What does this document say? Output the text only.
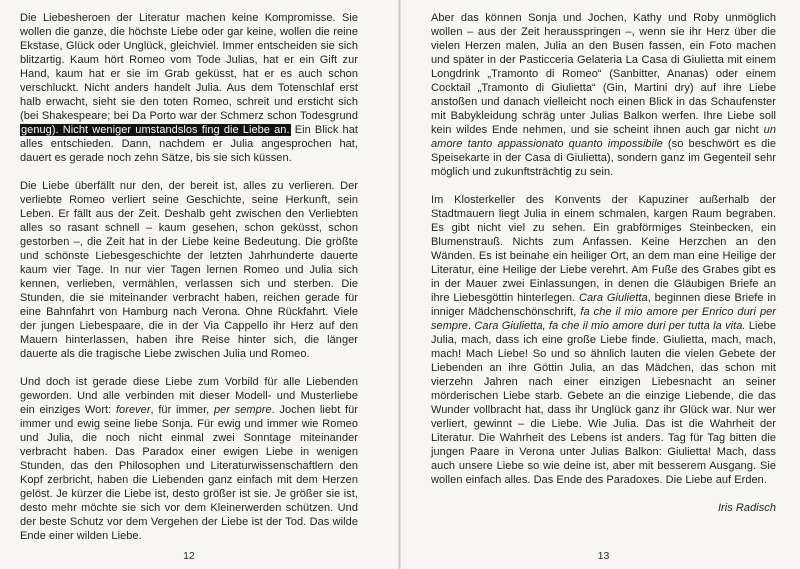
Die Liebesheroen der Literatur machen keine Kompromisse. Sie wollen die ganze, die höchste Liebe oder gar keine, wollen die reine Ekstase, Glück oder Unglück, gleichviel. Immer entscheiden sie sich blitzartig. Kaum hört Romeo vom Tode Julias, hat er ein Gift zur Hand, kaum hat er sie im Grab geküsst, hat er es auch schon verschluckt. Nicht anders handelt Julia. Aus dem Totenschlaf erst halb erwacht, sieht sie den toten Romeo, schreit und ersticht sich (bei Shakespeare; bei Da Porto war der Schmerz schon Todesgrund genug). Nicht weniger umstandslos fing die Liebe an. Ein Blick hat alles entschieden. Dann, nachdem er Julia angesprochen hat, dauert es gerade noch zehn Sätze, bis sie sich küssen.

Die Liebe überfällt nur den, der bereit ist, alles zu verlieren. Der verliebte Romeo verliert seine Geschichte, seine Herkunft, sein Leben. Er fällt aus der Zeit. Deshalb geht zwischen den Verliebten alles so rasant schnell – kaum gesehen, schon geküsst, schon gestorben –, die Zeit hat in der Liebe keine Bedeutung. Die größte und schönste Liebesgeschichte der letzten Jahrhunderte dauerte kaum vier Tage. In nur vier Tagen lernen Romeo und Julia sich kennen, verlieben, vermählen, verlassen sich und sterben. Die Stunden, die sie miteinander verbracht haben, reichen gerade für eine Bahnfahrt von Hamburg nach Verona. Ohne Rückfahrt. Viele der jungen Liebespaare, die in der Via Cappello ihr Herz auf den Mauern hinterlassen, haben ihre Reise hinter sich, die länger dauerte als die tragische Liebe zwischen Julia und Romeo.

Und doch ist gerade diese Liebe zum Vorbild für alle Liebenden geworden. Und alle verbinden mit dieser Modell- und Musterliebe ein einziges Wort: forever, für immer, per sempre. Jochen liebt für immer und ewig seine liebe Sonja. Für ewig und immer wie Romeo und Julia, die noch nicht einmal zwei Sonntage miteinander verbracht haben. Das Paradox einer ewigen Liebe in wenigen Stunden, das den Philosophen und Literaturwissenschaftlern den Kopf zerbricht, haben die Liebenden ganz einfach mit dem Herzen gelöst. Je kürzer die Liebe ist, desto größer ist sie. Je größer sie ist, desto mehr möchte sie sich vor dem Kleinerwerden schützen. Und der beste Schutz vor dem Vergehen der Liebe ist der Tod. Das wilde Ende einer wilden Liebe.

12

Aber das können Sonja und Jochen, Kathy und Roby unmöglich wollen – aus der Zeit herausspringen –, wenn sie ihr Herz über die vielen Herzen malen, Julia an den Busen fassen, ein Foto machen und später in der Pasticceria Gelateria La Casa di Giulietta mit einem Longdrink „Tramonto di Romeo“ (Sanbitter, Ananas) oder einem Cocktail „Tramonto di Giulietta“ (Gin, Martini dry) auf ihre Liebe anstoßen und danach vielleicht noch einen Blick in das Schaufenster mit Babykleidung schräg unter Julias Balkon werfen. Ihre Liebe soll kein wildes Ende nehmen, und sie scheint ihnen auch gar nicht un amore tanto appassionato quanto impossibile (so beschwört es die Speisekarte in der Casa di Giulietta), sondern ganz im Gegenteil sehr möglich und zukunftsträchtig zu sein.

Im Klosterkeller des Konvents der Kapuziner außerhalb der Stadtmauern liegt Julia in einem schmalen, kargen Raum begraben. Es gibt nicht viel zu sehen. Ein grabförmiges Steinbecken, ein Blumenstrauß. Nichts zum Anfassen. Keine Herzchen an den Wänden. Es ist beinahe ein heiliger Ort, an dem man eine Heilige der Literatur, eine Heilige der Liebe verehrt. Am Fuße des Grabes gibt es in der Mauer zwei Einlassungen, in denen die Gläubigen Briefe an ihre Liebesgöttin hinterlegen. Cara Giulietta, beginnen diese Briefe in inniger Mädchenschönschrift, fa che il mio amore per Enrico duri per sempre. Cara Giulietta, fa che il mio amore duri per tutta la vita. Liebe Julia, mach, dass ich eine große Liebe finde. Giulietta, mach, mach, mach! Mach Liebe! So und so ähnlich lauten die vielen Gebete der Liebenden an ihre Göttin Julia, an das Mädchen, das schon mit vierzehn Jahren nach einer einzigen Liebesnacht an seiner mörderischen Liebe starb. Gebete an die einzige Liebende, die das Wunder vollbracht hat, dass ihr Unglück ganz ihr Glück war. Nur wer verliert, gewinnt – die Liebe. Wie Julia. Das ist die Wahrheit der Literatur. Die Wahrheit des Lebens ist anders. Tag für Tag bitten die jungen Paare in Verona unter Julias Balkon: Giulietta! Mach, dass auch unsere Liebe so wie deine ist, aber mit besserem Ausgang. Sie wollen einfach alles. Das Ende des Paradoxes. Die Liebe auf Erden.

Iris Radisch

13
